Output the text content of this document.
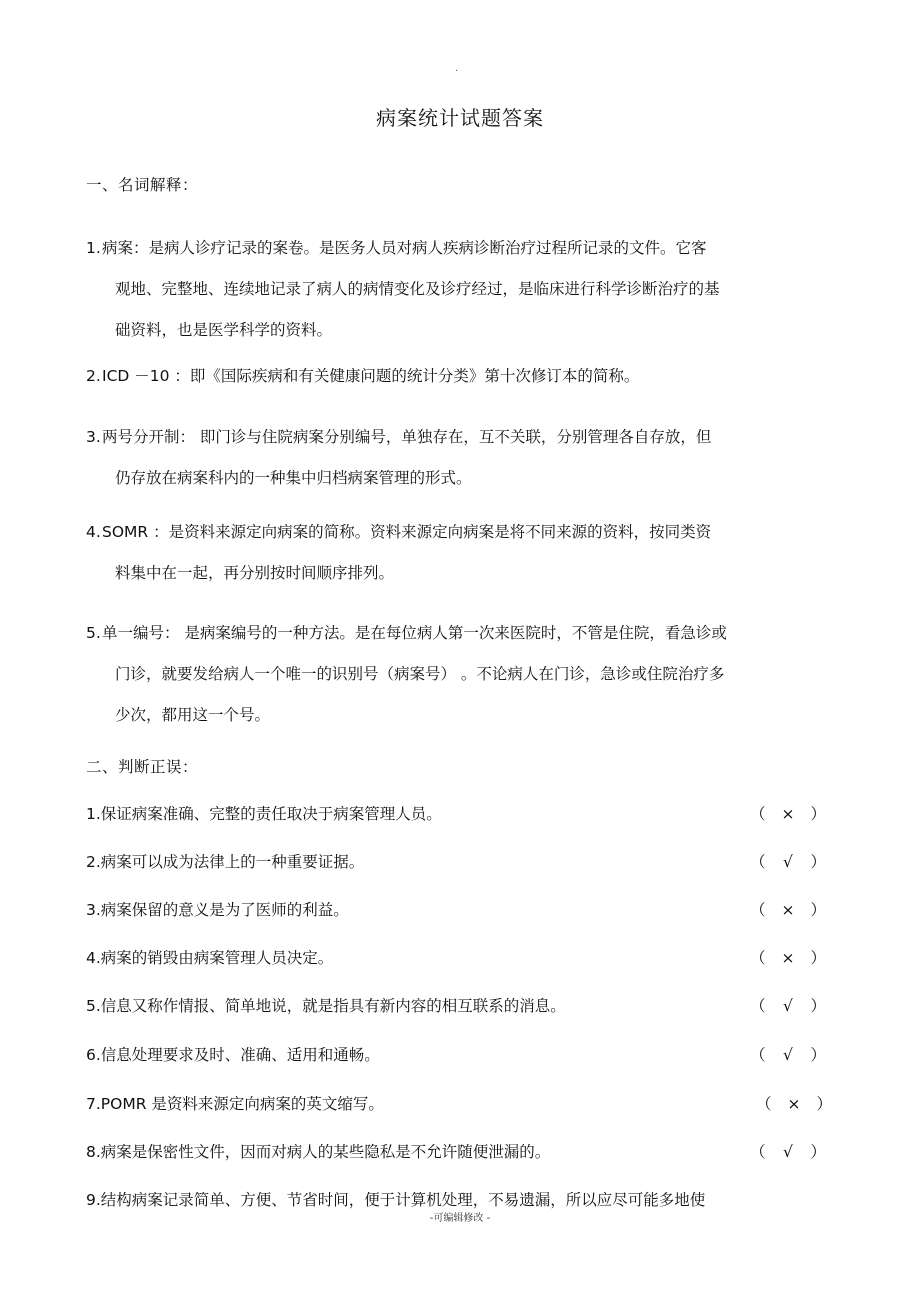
.
病案统计试题答案
一、名词解释：
1.病案：是病人诊疗记录的案卷。是医务人员对病人疾病诊断治疗过程所记录的文件。它客
观地、完整地、连续地记录了病人的病情变化及诊疗经过，是临床进行科学诊断治疗的基
础资料，也是医学科学的资料。
2.ICD －10 ：即《国际疾病和有关健康问题的统计分类》第十次修订本的简称。
3.两号分开制： 即门诊与住院病案分别编号，单独存在，互不关联，分别管理各自存放，但
仍存放在病案科内的一种集中归档病案管理的形式。
4.SOMR ：是资料来源定向病案的简称。资料来源定向病案是将不同来源的资料，按同类资
料集中在一起，再分别按时间顺序排列。
5.单一编号： 是病案编号的一种方法。是在每位病人第一次来医院时，不管是住院，看急诊或
门诊，就要发给病人一个唯一的识别号（病案号） 。不论病人在门诊，急诊或住院治疗多
少次，都用这一个号。
二、判断正误：
1.保证病案准确、完整的责任取决于病案管理人员。	（	×	）
2.病案可以成为法律上的一种重要证据。	（	√	）
3.病案保留的意义是为了医师的利益。	（	×	）
4.病案的销毁由病案管理人员决定。	（	×	）
5.信息又称作情报、简单地说，就是指具有新内容的相互联系的消息。	（	√	）
6.信息处理要求及时、准确、适用和通畅。	（	√	）
7.POMR 是资料来源定向病案的英文缩写。	（	×	）
8.病案是保密性文件，因而对病人的某些隐私是不允许随便泄漏的。	（	√	）
9.结构病案记录简单、方便、节省时间，便于计算机处理，不易遗漏，所以应尽可能多地使
-可编辑修改 -
